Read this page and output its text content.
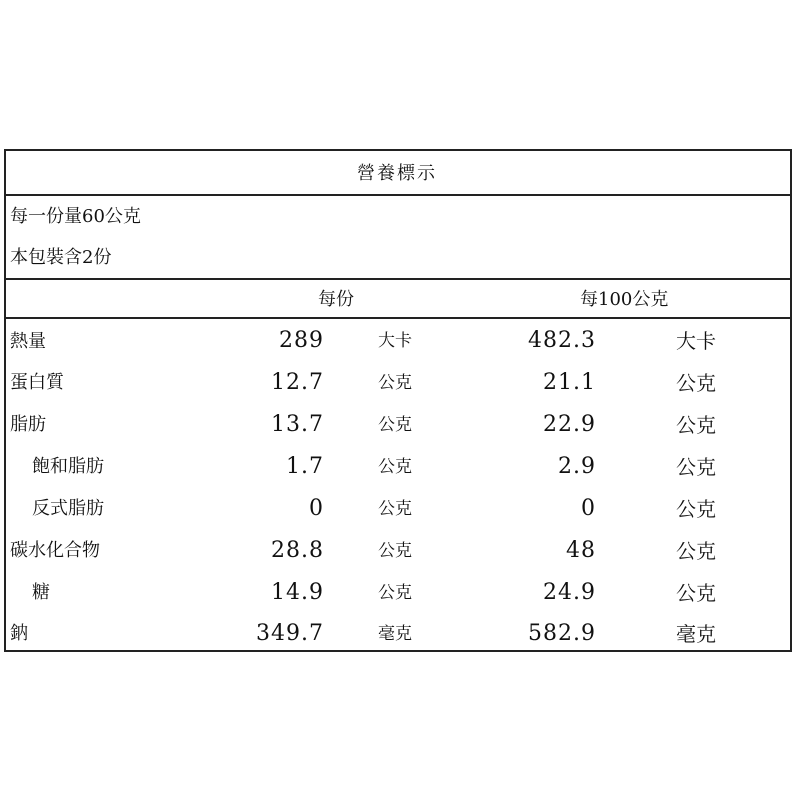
營養標示
每一份量60公克
本包裝含2份
每份	每100公克
熱量	289	大卡	482.3	大卡
蛋白質	12.7	公克	21.1	公克
脂肪	13.7	公克	22.9	公克
飽和脂肪	1.7	公克	2.9	公克
反式脂肪	0	公克	0	公克
碳水化合物	28.8	公克	48	公克
糖	14.9	公克	24.9	公克
鈉	349.7	毫克	582.9	毫克
